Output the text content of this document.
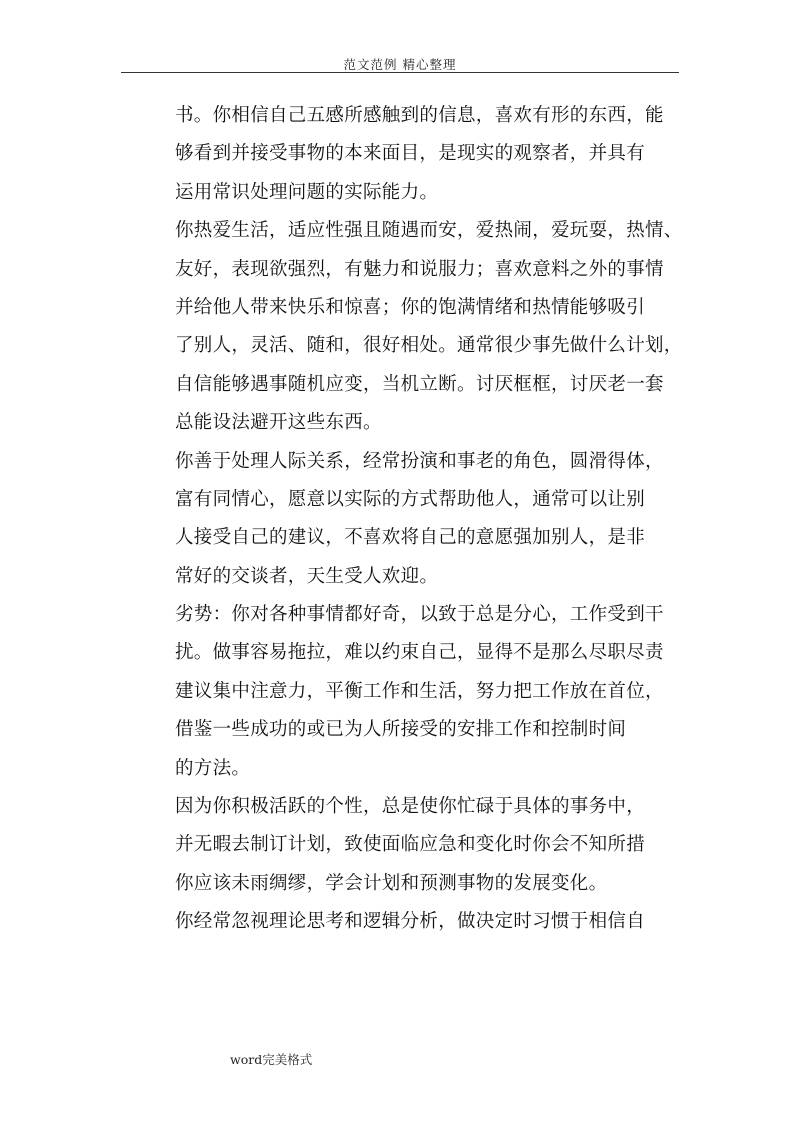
范文范例 精心整理
书。你相信自己五感所感触到的信息，喜欢有形的东西，能
够看到并接受事物的本来面目，是现实的观察者，并具有
运用常识处理问题的实际能力。
你热爱生活，适应性强且随遇而安，爱热闹，爱玩耍，热情、
友好，表现欲强烈，有魅力和说服力；喜欢意料之外的事情
并给他人带来快乐和惊喜；你的饱满情绪和热情能够吸引
了别人，灵活、随和，很好相处。通常很少事先做什么计划，
自信能够遇事随机应变，当机立断。讨厌框框，讨厌老一套
总能设法避开这些东西。
你善于处理人际关系，经常扮演和事老的角色，圆滑得体，
富有同情心，愿意以实际的方式帮助他人，通常可以让别
人接受自己的建议，不喜欢将自己的意愿强加别人，是非
常好的交谈者，天生受人欢迎。
劣势：你对各种事情都好奇，以致于总是分心，工作受到干
扰。做事容易拖拉，难以约束自己，显得不是那么尽职尽责
建议集中注意力，平衡工作和生活，努力把工作放在首位，
借鉴一些成功的或已为人所接受的安排工作和控制时间
的方法。
因为你积极活跃的个性，总是使你忙碌于具体的事务中，
并无暇去制订计划，致使面临应急和变化时你会不知所措
你应该未雨绸缪，学会计划和预测事物的发展变化。
你经常忽视理论思考和逻辑分析，做决定时习惯于相信自
word完美格式
